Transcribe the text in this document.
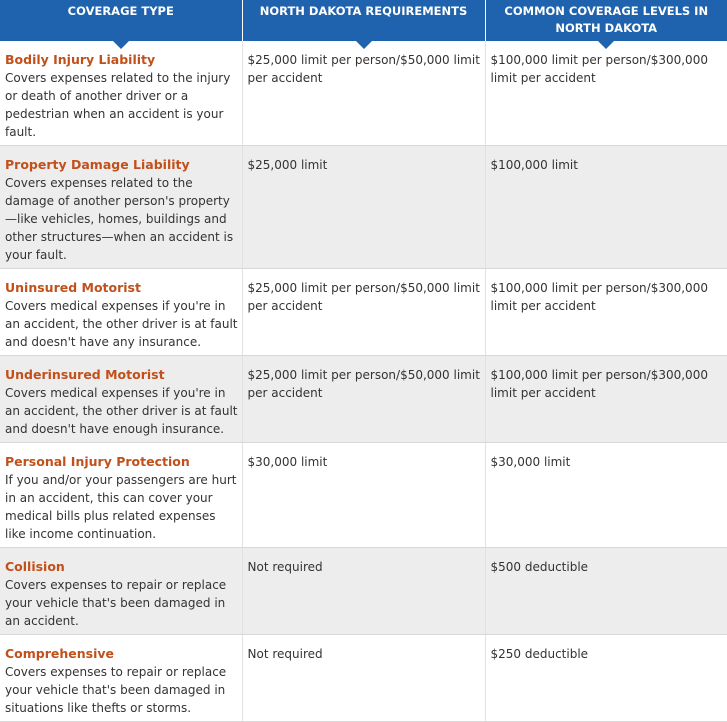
COVERAGE TYPE	NORTH DAKOTA REQUIREMENTS	COMMON COVERAGE LEVELS IN NORTH DAKOTA

Bodily Injury Liability
Covers expenses related to the injury or death of another driver or a pedestrian when an accident is your fault.	$25,000 limit per person/$50,000 limit per accident	$100,000 limit per person/$300,000 limit per accident

Property Damage Liability
Covers expenses related to the damage of another person's property—like vehicles, homes, buildings and other structures—when an accident is your fault.	$25,000 limit	$100,000 limit

Uninsured Motorist
Covers medical expenses if you're in an accident, the other driver is at fault and doesn't have any insurance.	$25,000 limit per person/$50,000 limit per accident	$100,000 limit per person/$300,000 limit per accident

Underinsured Motorist
Covers medical expenses if you're in an accident, the other driver is at fault and doesn't have enough insurance.	$25,000 limit per person/$50,000 limit per accident	$100,000 limit per person/$300,000 limit per accident

Personal Injury Protection
If you and/or your passengers are hurt in an accident, this can cover your medical bills plus related expenses like income continuation.	$30,000 limit	$30,000 limit

Collision
Covers expenses to repair or replace your vehicle that's been damaged in an accident.	Not required	$500 deductible

Comprehensive
Covers expenses to repair or replace your vehicle that's been damaged in situations like thefts or storms.	Not required	$250 deductible
